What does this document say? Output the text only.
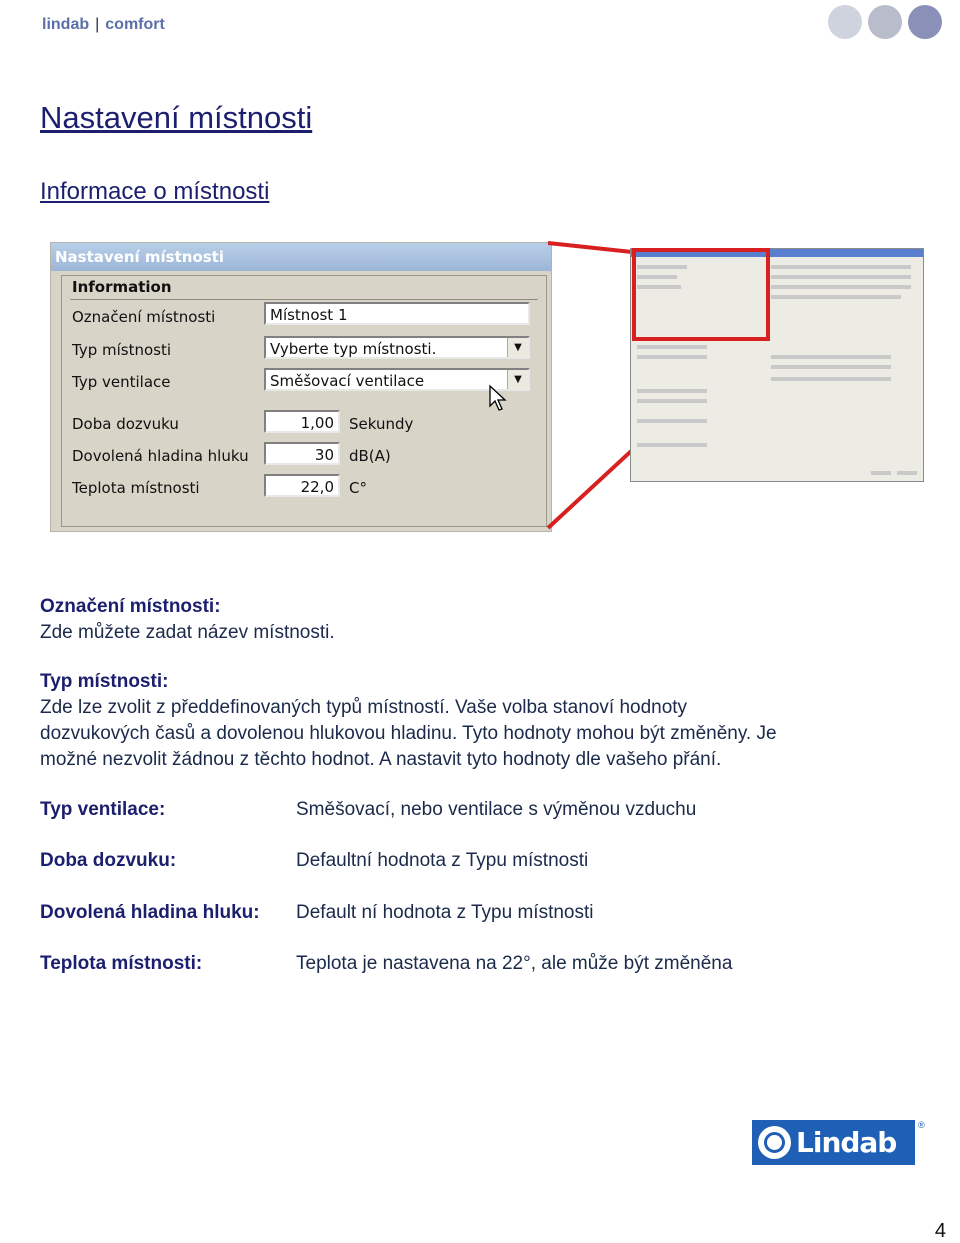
lindab | comfort
Nastavení místnosti
Informace o místnosti
Nastavení místnosti
Information
Označení místnosti	Místnost 1
Typ místnosti	Vyberte typ místnosti.	▼
Typ ventilace	Směšovací ventilace	▼
Doba dozvuku	1,00	Sekundy
Dovolená hladina hluku	30	dB(A)
Teplota místnosti	22,0	C°

Označení místnosti:
Zde můžete zadat název místnosti.

Typ místnosti:
Zde lze zvolit z předdefinovaných typů místností. Vaše volba stanoví hodnoty
dozvukových časů a dovolenou hlukovou hladinu. Tyto hodnoty mohou být změněny. Je
možné nezvolit žádnou z těchto hodnot. A nastavit tyto hodnoty dle vašeho přání.

Typ ventilace:	Směšovací, nebo ventilace s výměnou vzduchu
Doba dozvuku:	Defaultní hodnota z Typu místnosti
Dovolená hladina hluku: Default ní hodnota z Typu místnosti
Teplota místnosti:	Teplota je nastavena na 22°, ale může být změněna
Lindab
®
4
